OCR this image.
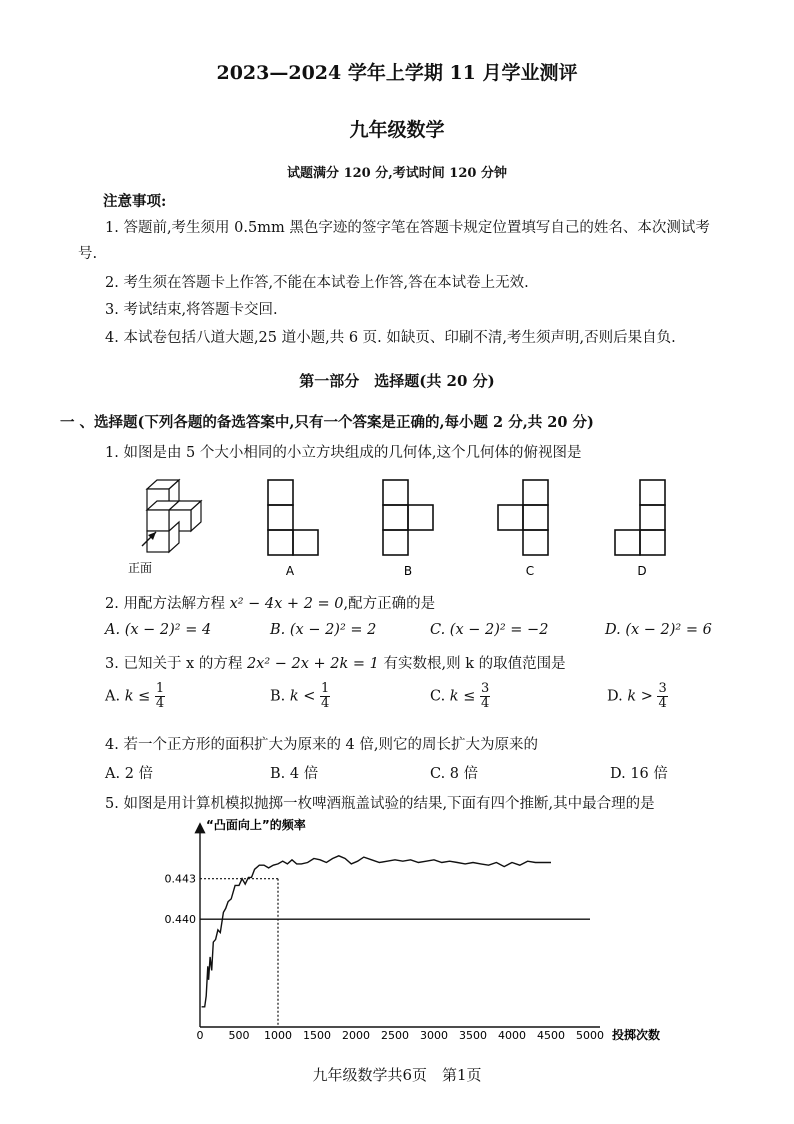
2023—2024 学年上学期 11 月学业测评
九年级数学
试题满分 120 分,考试时间 120 分钟
注意事项:
1. 答题前,考生须用 0.5mm 黑色字迹的签字笔在答题卡规定位置填写自己的姓名、本次测试考号.
2. 考生须在答题卡上作答,不能在本试卷上作答,答在本试卷上无效.
3. 考试结束,将答题卡交回.
4. 本试卷包括八道大题,25 道小题,共 6 页. 如缺页、印刷不清,考生须声明,否则后果自负.
第一部分　选择题(共 20 分)
一 、选择题(下列各题的备选答案中,只有一个答案是正确的,每小题 2 分,共 20 分)
1. 如图是由 5 个大小相同的小立方块组成的几何体,这个几何体的俯视图是
正面	A	B	C	D
2. 用配方法解方程 x² − 4x + 2 = 0,配方正确的是
A. (x − 2)² = 4	B. (x − 2)² = 2	C. (x − 2)² = −2	D. (x − 2)² = 6
3. 已知关于 x 的方程 2x² − 2x + 2k = 1 有实数根,则 k 的取值范围是
A. $k \le \frac{1}{4}$	B. $k < \frac{1}{4}$	C. $k \le \frac{3}{4}$	D. $k > \frac{3}{4}$
4. 若一个正方形的面积扩大为原来的 4 倍,则它的周长扩大为原来的
A. 2 倍	B. 4 倍	C. 8 倍	D. 16 倍
5. 如图是用计算机模拟抛掷一枚啤酒瓶盖试验的结果,下面有四个推断,其中最合理的是
“凸面向上”的频率
投掷次数
0 500 1000 1500 2000 2500 3000 3500 4000 4500 5000
0.440
0.443
九年级数学共6页　第1页
